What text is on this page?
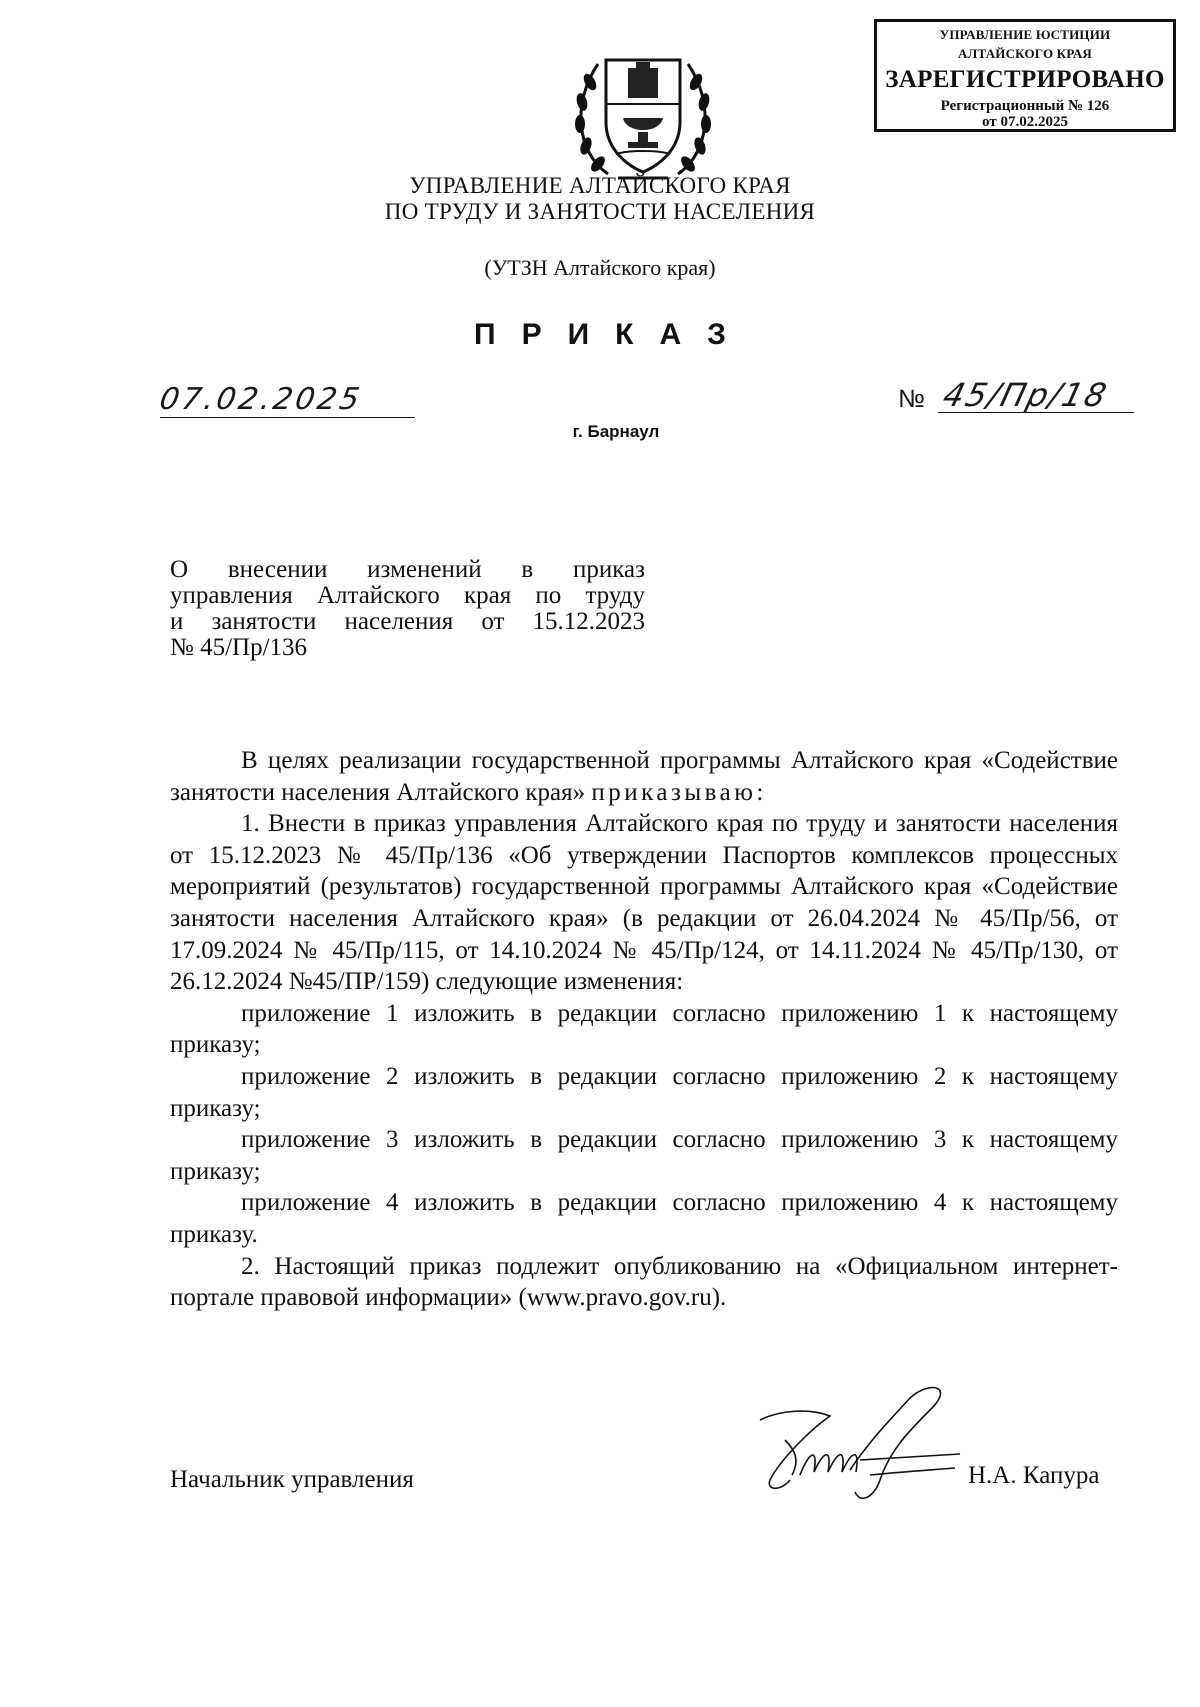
УПРАВЛЕНИЕ ЮСТИЦИИ
АЛТАЙСКОГО КРАЯ
ЗАРЕГИСТРИРОВАНО
Регистрационный № 126
от 07.02.2025
УПРАВЛЕНИЕ АЛТАЙСКОГО КРАЯ
ПО ТРУДУ И ЗАНЯТОСТИ НАСЕЛЕНИЯ
(УТЗН Алтайского края)
ПРИКАЗ
07.02.2025	№ 45/Пр/18
г. Барнаул
О внесении изменений в приказ
управления Алтайского края по труду
и занятости населения от 15.12.2023
№ 45/Пр/136
В целях реализации государственной программы Алтайского края «Содействие занятости населения Алтайского края» приказываю:
1. Внести в приказ управления Алтайского края по труду и занятости населения от 15.12.2023 № 45/Пр/136 «Об утверждении Паспортов комплексов процессных мероприятий (результатов) государственной программы Алтайского края «Содействие занятости населения Алтайского края» (в редакции от 26.04.2024 № 45/Пр/56, от 17.09.2024 № 45/Пр/115, от 14.10.2024 № 45/Пр/124, от 14.11.2024 № 45/Пр/130, от 26.12.2024 №45/ПР/159) следующие изменения:
приложение 1 изложить в редакции согласно приложению 1 к настоящему приказу;
приложение 2 изложить в редакции согласно приложению 2 к настоящему приказу;
приложение 3 изложить в редакции согласно приложению 3 к настоящему приказу;
приложение 4 изложить в редакции согласно приложению 4 к настоящему приказу.
2. Настоящий приказ подлежит опубликованию на «Официальном интернет-портале правовой информации» (www.pravo.gov.ru).
Начальник управления	Н.А. Капура
